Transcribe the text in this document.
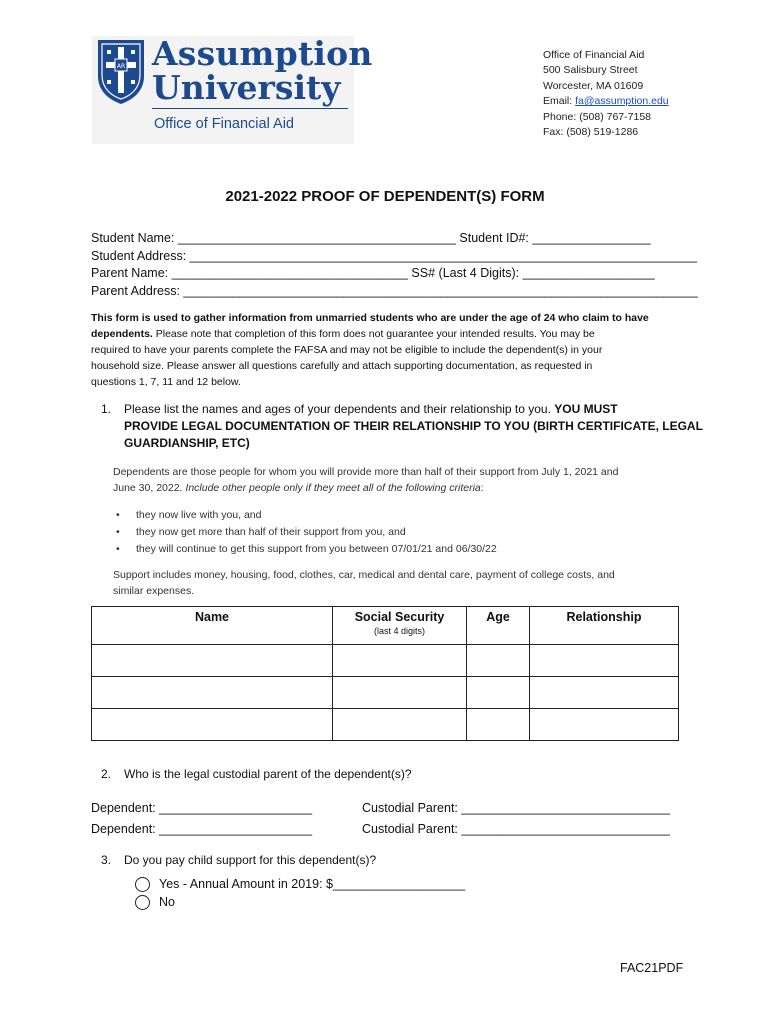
AR Assumption
University
Office of Financial Aid
Office of Financial Aid
500 Salisbury Street
Worcester, MA 01609
Email: fa@assumption.edu
Phone: (508) 767-7158
Fax: (508) 519-1286
2021-2022 PROOF OF DEPENDENT(S) FORM
Student Name: ________________________________________ Student ID#: _________________
Student Address: _________________________________________________________________________
Parent Name: __________________________________ SS# (Last 4 Digits): ___________________
Parent Address: __________________________________________________________________________
This form is used to gather information from unmarried students who are under the age of 24 who claim to have
dependents. Please note that completion of this form does not guarantee your intended results. You may be
required to have your parents complete the FAFSA and may not be eligible to include the dependent(s) in your
household size. Please answer all questions carefully and attach supporting documentation, as requested in
questions 1, 7, 11 and 12 below.
1. Please list the names and ages of your dependents and their relationship to you. YOU MUST
PROVIDE LEGAL DOCUMENTATION OF THEIR RELATIONSHIP TO YOU (BIRTH CERTIFICATE, LEGAL
GUARDIANSHIP, ETC)
Dependents are those people for whom you will provide more than half of their support from July 1, 2021 and
June 30, 2022. Include other people only if they meet all of the following criteria:
• they now live with you, and
• they now get more than half of their support from you, and
• they will continue to get this support from you between 07/01/21 and 06/30/22
Support includes money, housing, food, clothes, car, medical and dental care, payment of college costs, and
similar expenses.
Name	Social Security
(last 4 digits)	Age	Relationship

2. Who is the legal custodial parent of the dependent(s)?
Dependent: ______________________	Custodial Parent: ______________________________
Dependent: ______________________	Custodial Parent: ______________________________
3. Do you pay child support for this dependent(s)?
Yes - Annual Amount in 2019: $___________________
No
FAC21PDF
